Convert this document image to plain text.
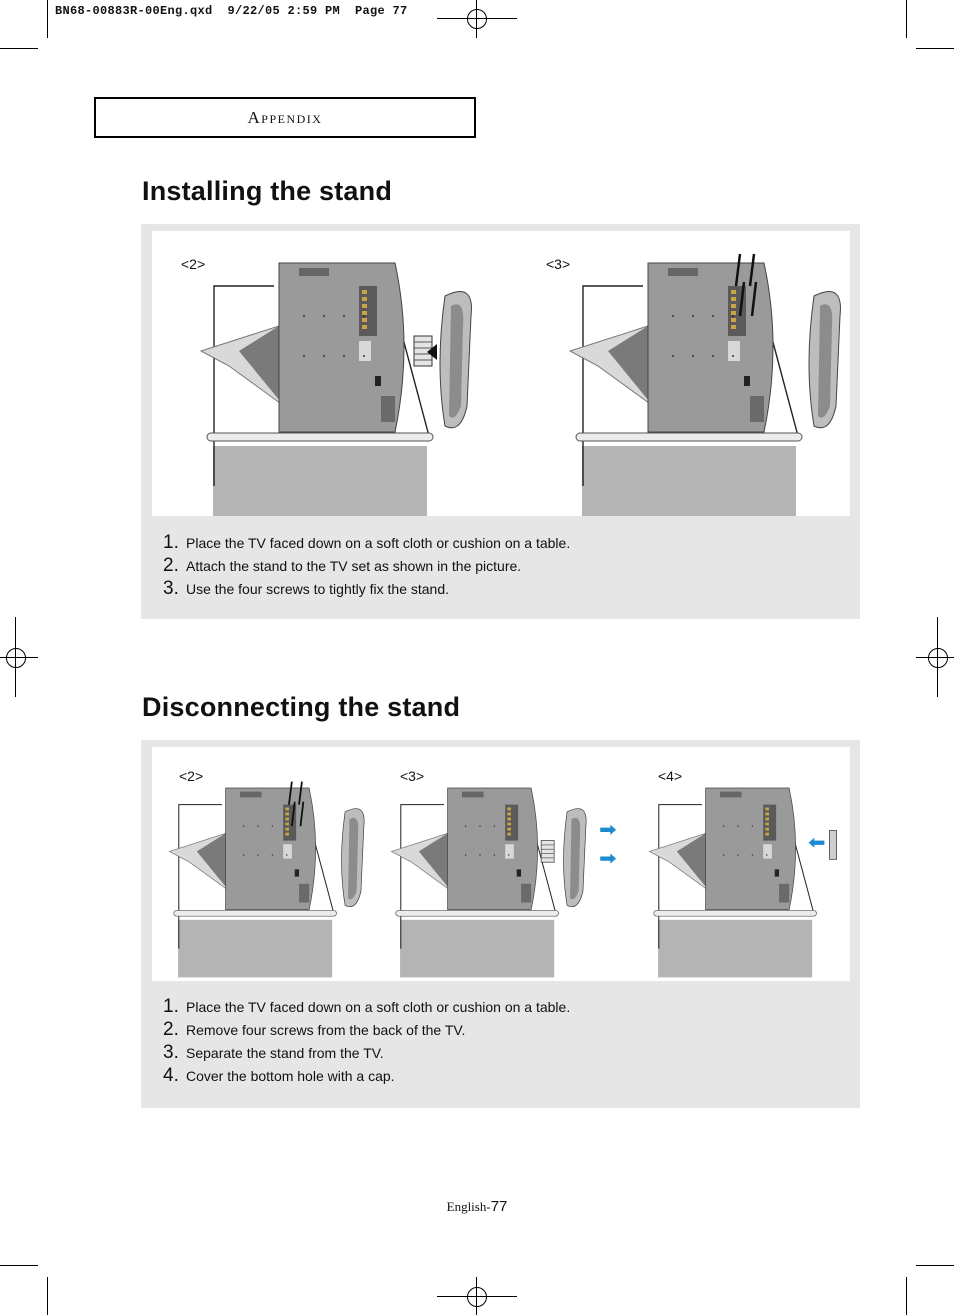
BN68-00883R-00Eng.qxd  9/22/05 2:59 PM  Page 77
Appendix
Installing the stand
<2>	<3>
1. Place the TV faced down on a soft cloth or cushion on a table.
2. Attach the stand to the TV set as shown in the picture.
3. Use the four screws to tightly fix the stand.
Disconnecting the stand
<2>	<3>	<4>
1. Place the TV faced down on a soft cloth or cushion on a table.
2. Remove four screws from the back of the TV.
3. Separate the stand from the TV.
4. Cover the bottom hole with a cap.
English-77
